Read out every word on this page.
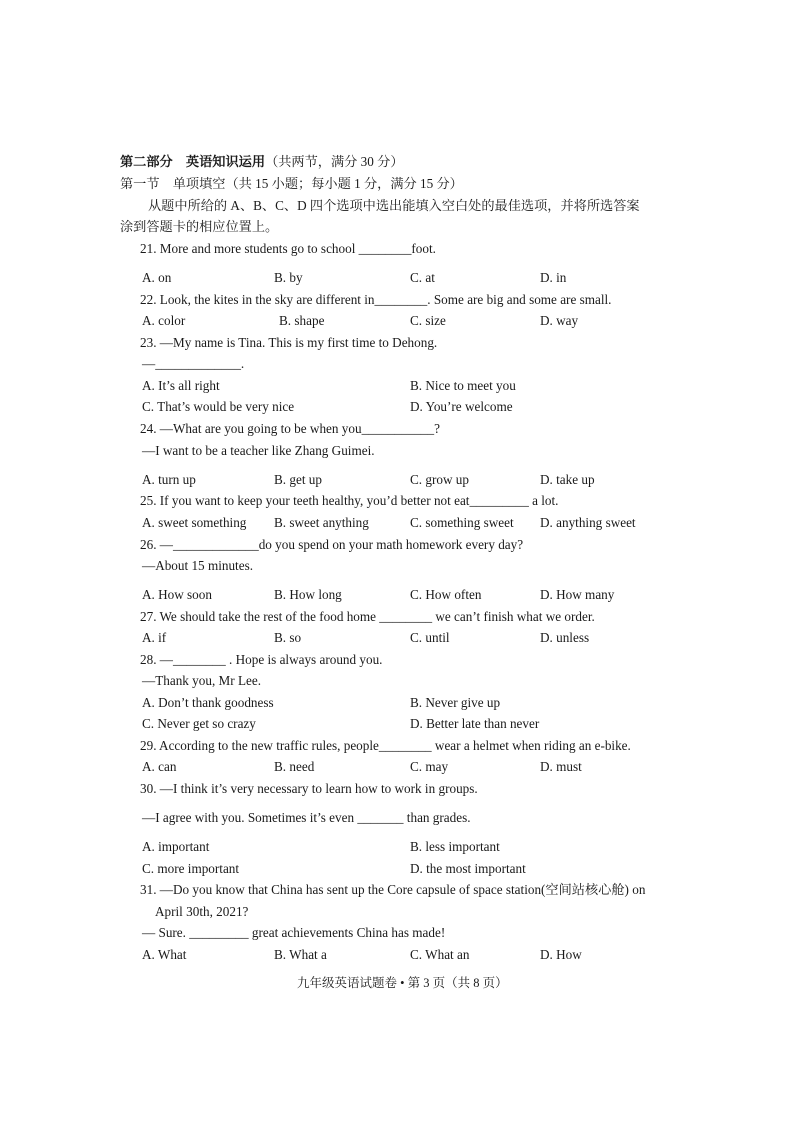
第二部分　英语知识运用（共两节，满分 30 分）
第一节　单项填空（共 15 小题；每小题 1 分，满分 15 分）
从题中所给的 A、B、C、D 四个选项中选出能填入空白处的最佳选项，并将所选答案
涂到答题卡的相应位置上。
21. More and more students go to school ________foot.
A. on	B. by	C. at	D. in
22. Look, the kites in the sky are different in________. Some are big and some are small.
A. color	B. shape	C. size	D. way
23. —My name is Tina. This is my first time to Dehong.
—_____________.
A. It’s all right	B. Nice to meet you
C. That’s would be very nice	D. You’re welcome
24. —What are you going to be when you___________?
—I want to be a teacher like Zhang Guimei.
A. turn up	B. get up	C. grow up	D. take up
25. If you want to keep your teeth healthy, you’d better not eat_________ a lot.
A. sweet something B. sweet anything	C. something sweet D. anything sweet
26. —_____________do you spend on your math homework every day?
—About 15 minutes.
A. How soon	B. How long	C. How often	D. How many
27. We should take the rest of the food home ________ we can’t finish what we order.
A. if	B. so	C. until	D. unless
28. —________ . Hope is always around you.
—Thank you, Mr Lee.
A. Don’t thank goodness	B. Never give up
C. Never get so crazy	D. Better late than never
29. According to the new traffic rules, people________ wear a helmet when riding an e-bike.
A. can	B. need	C. may	D. must
30. —I think it’s very necessary to learn how to work in groups.
—I agree with you. Sometimes it’s even _______ than grades.
A. important	B. less important
C. more important	D. the most important
31. —Do you know that China has sent up the Core capsule of space station(空间站核心舱) on
April 30th, 2021?
— Sure. _________ great achievements China has made!
A. What	B. What a	C. What an	D. How
九年级英语试题卷 • 第 3 页（共 8 页）
